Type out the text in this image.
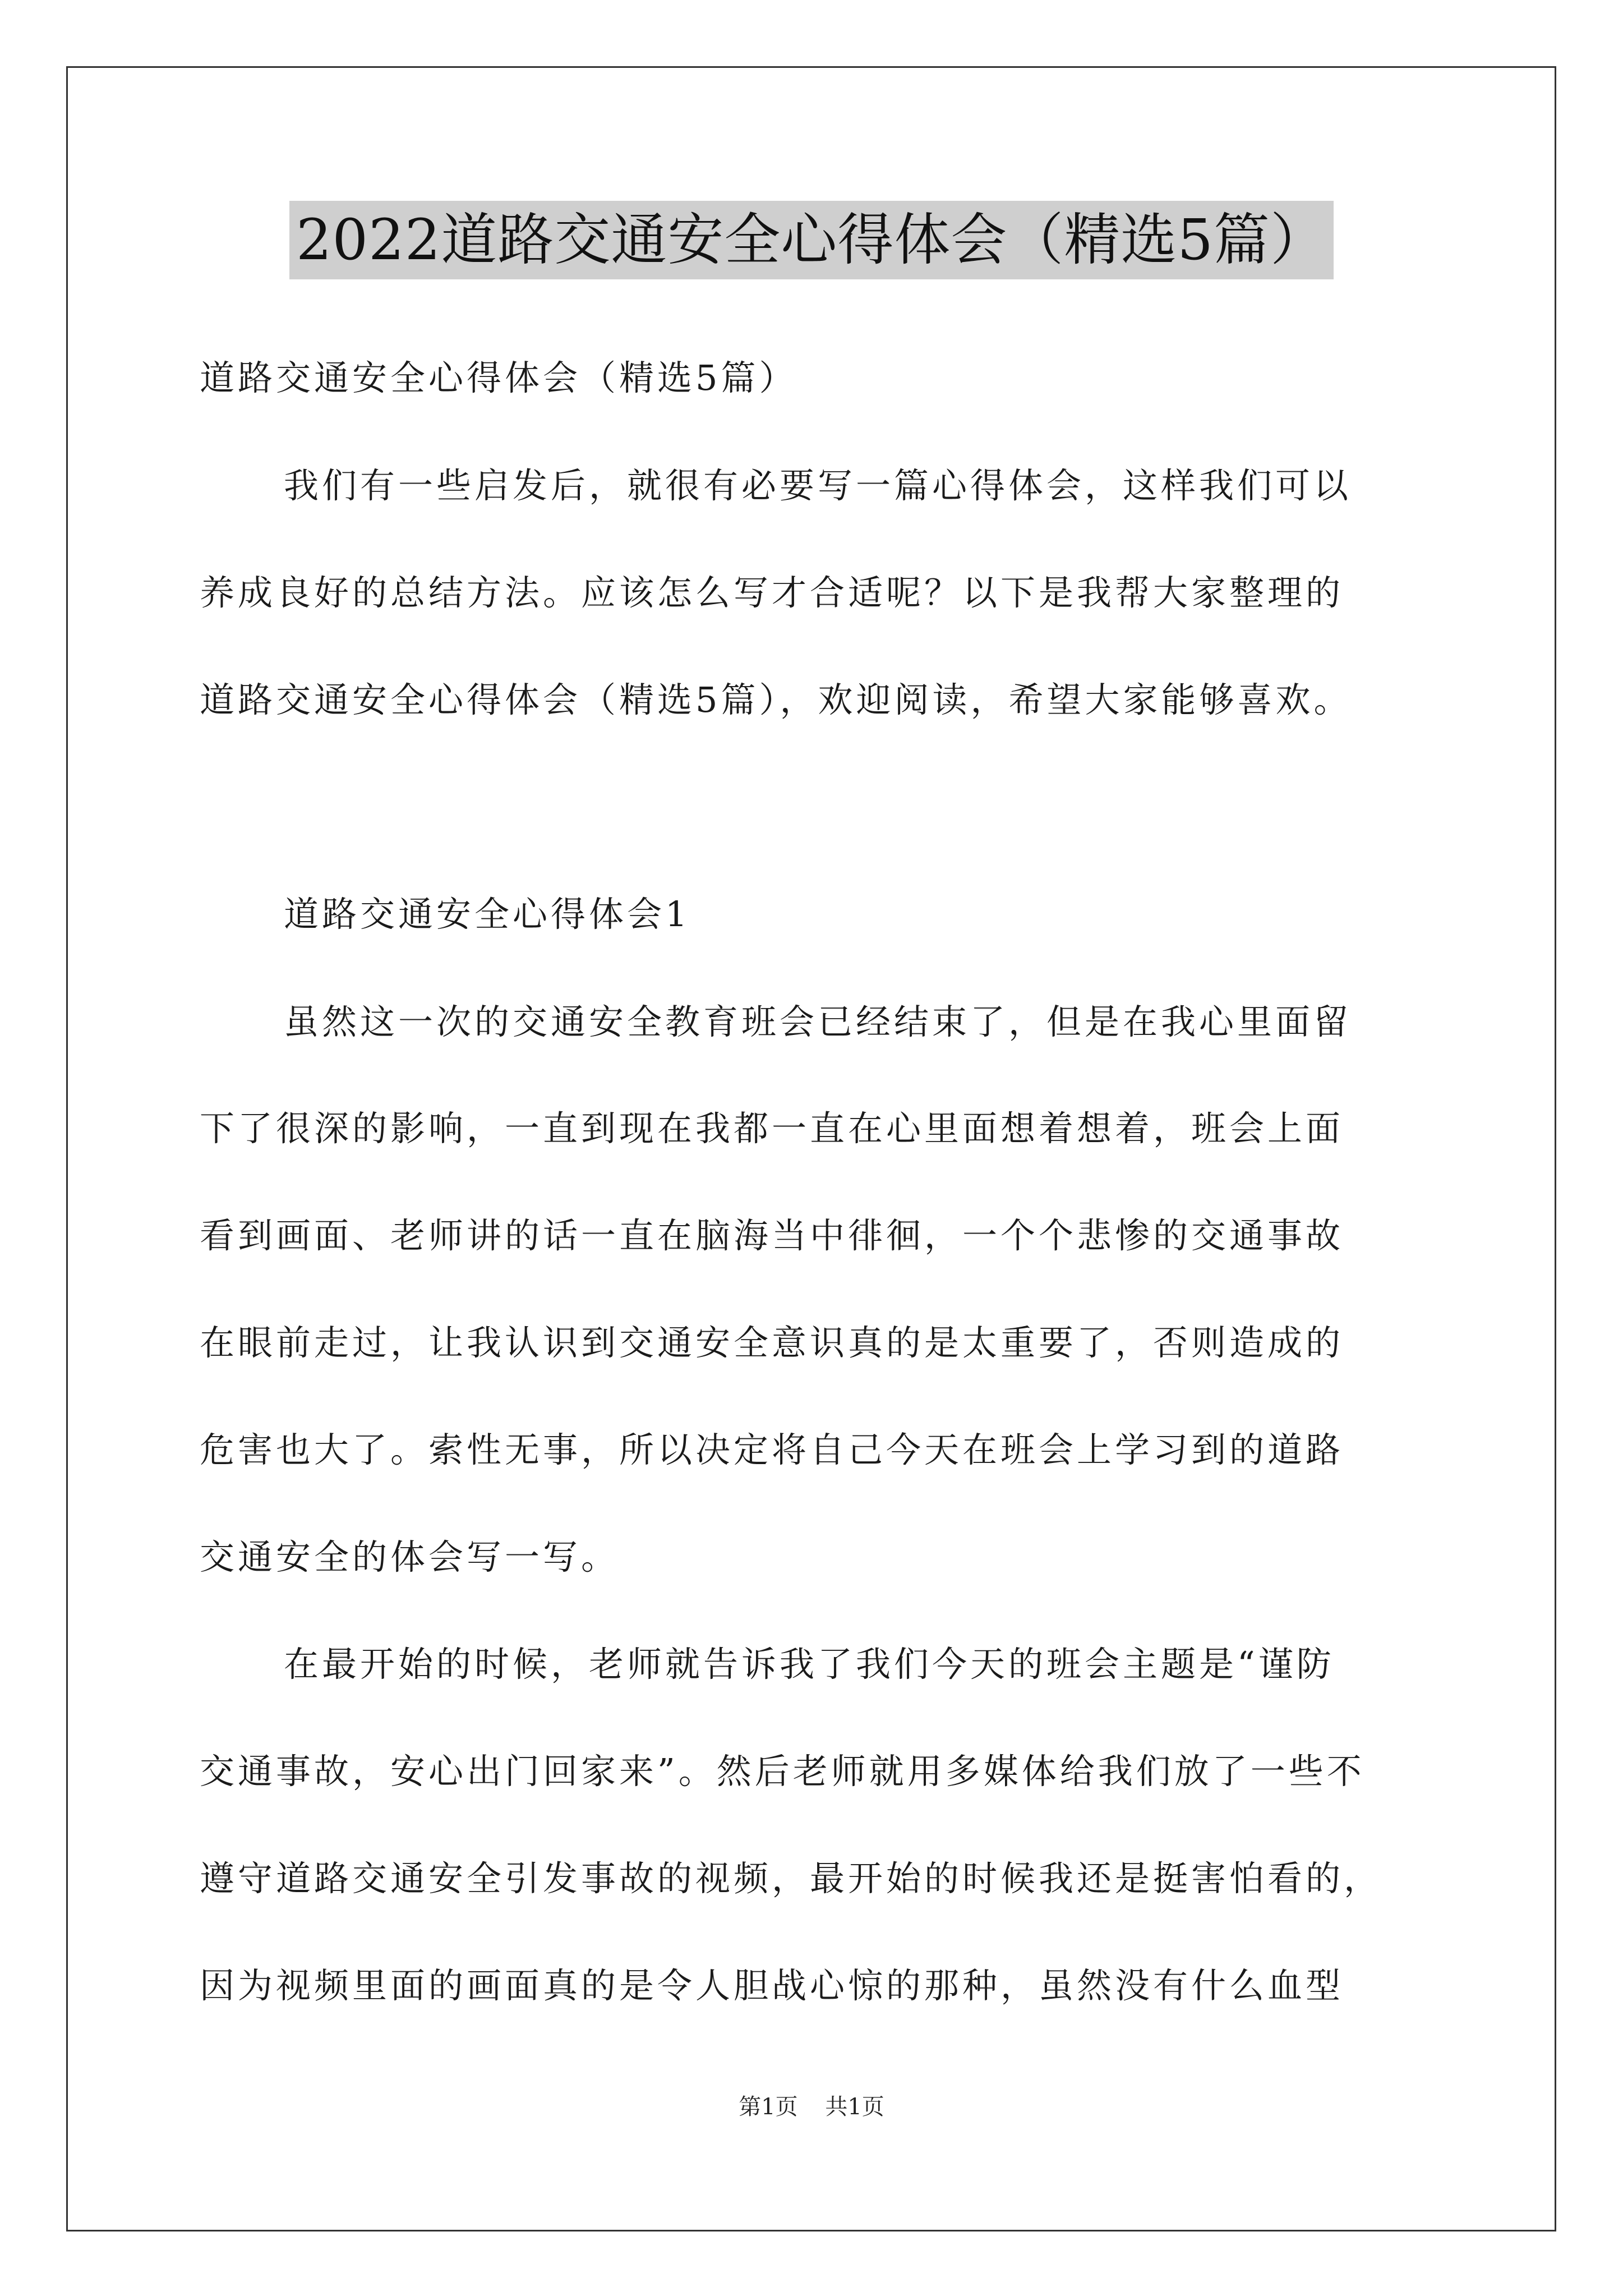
2022道路交通安全心得体会（精选5篇）
道路交通安全心得体会（精选5篇）
我们有一些启发后，就很有必要写一篇心得体会，这样我们可以
养成良好的总结方法。应该怎么写才合适呢？以下是我帮大家整理的
道路交通安全心得体会（精选5篇），欢迎阅读，希望大家能够喜欢。
道路交通安全心得体会1
虽然这一次的交通安全教育班会已经结束了，但是在我心里面留
下了很深的影响，一直到现在我都一直在心里面想着想着，班会上面
看到画面、老师讲的话一直在脑海当中徘徊，一个个悲惨的交通事故
在眼前走过，让我认识到交通安全意识真的是太重要了，否则造成的
危害也大了。索性无事，所以决定将自己今天在班会上学习到的道路
交通安全的体会写一写。
在最开始的时候，老师就告诉我了我们今天的班会主题是“谨防
交通事故，安心出门回家来”。然后老师就用多媒体给我们放了一些不
遵守道路交通安全引发事故的视频，最开始的时候我还是挺害怕看的，
因为视频里面的画面真的是令人胆战心惊的那种，虽然没有什么血型
第1页 共1页
